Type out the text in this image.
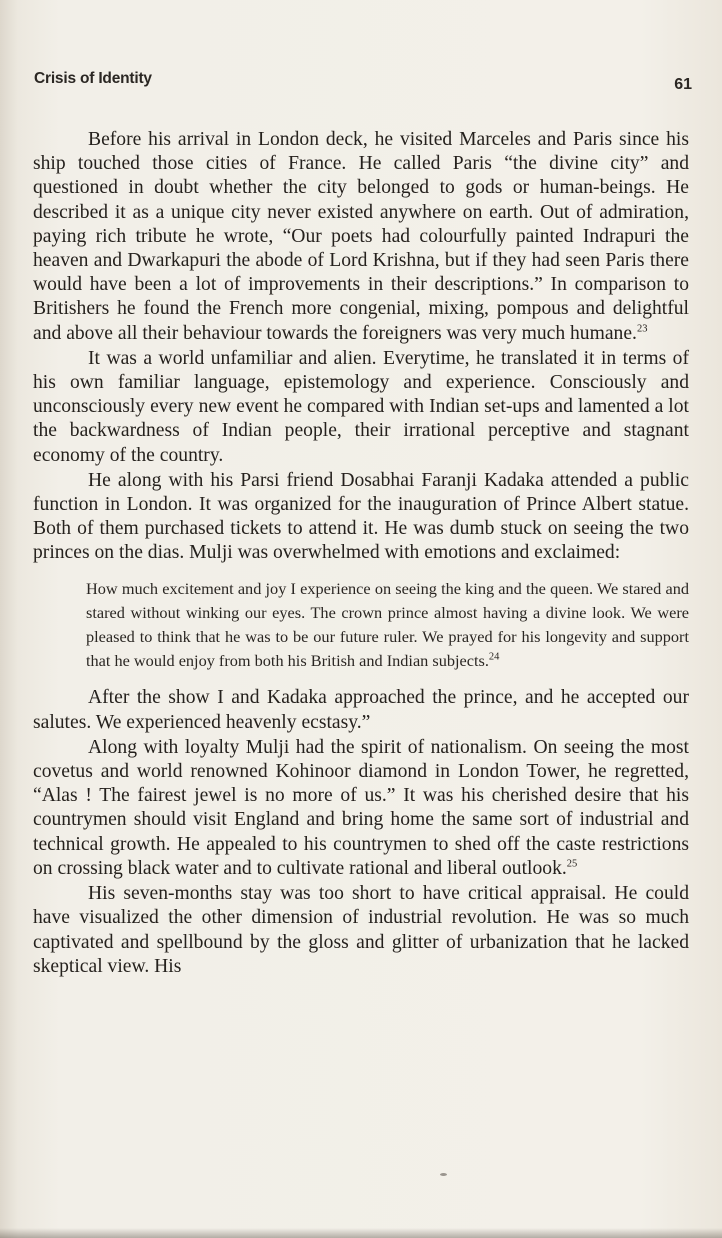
Crisis of Identity	61

Before his arrival in London deck, he visited Marceles and Paris since his ship touched those cities of France. He called Paris “the divine city” and questioned in doubt whether the city belonged to gods or human-beings. He described it as a unique city never existed anywhere on earth. Out of admiration, paying rich tribute he wrote, “Our poets had colourfully painted Indrapuri the heaven and Dwarkapuri the abode of Lord Krishna, but if they had seen Paris there would have been a lot of improvements in their descriptions.” In comparison to Britishers he found the French more congenial, mixing, pompous and delightful and above all their behaviour towards the foreigners was very much humane.$^{23}$

It was a world unfamiliar and alien. Everytime, he translated it in terms of his own familiar language, epistemology and experience. Consciously and unconsciously every new event he compared with Indian set-ups and lamented a lot the backwardness of Indian people, their irrational perceptive and stagnant economy of the country.

He along with his Parsi friend Dosabhai Faranji Kadaka attended a public function in London. It was organized for the inauguration of Prince Albert statue. Both of them purchased tickets to attend it. He was dumb stuck on seeing the two princes on the dias. Mulji was overwhelmed with emotions and exclaimed:

How much excitement and joy I experience on seeing the king and the queen. We stared and stared without winking our eyes. The crown prince almost having a divine look. We were pleased to think that he was to be our future ruler. We prayed for his longevity and support that he would enjoy from both his British and Indian subjects.$^{24}$

After the show I and Kadaka approached the prince, and he accepted our salutes. We experienced heavenly ecstasy.”

Along with loyalty Mulji had the spirit of nationalism. On seeing the most covetus and world renowned Kohinoor diamond in London Tower, he regretted, “Alas ! The fairest jewel is no more of us.” It was his cherished desire that his countrymen should visit England and bring home the same sort of industrial and technical growth. He appealed to his countrymen to shed off the caste restrictions on crossing black water and to cultivate rational and liberal outlook.$^{25}$

His seven-months stay was too short to have critical appraisal. He could have visualized the other dimension of industrial revolution. He was so much captivated and spellbound by the gloss and glitter of urbanization that he lacked skeptical view. His
